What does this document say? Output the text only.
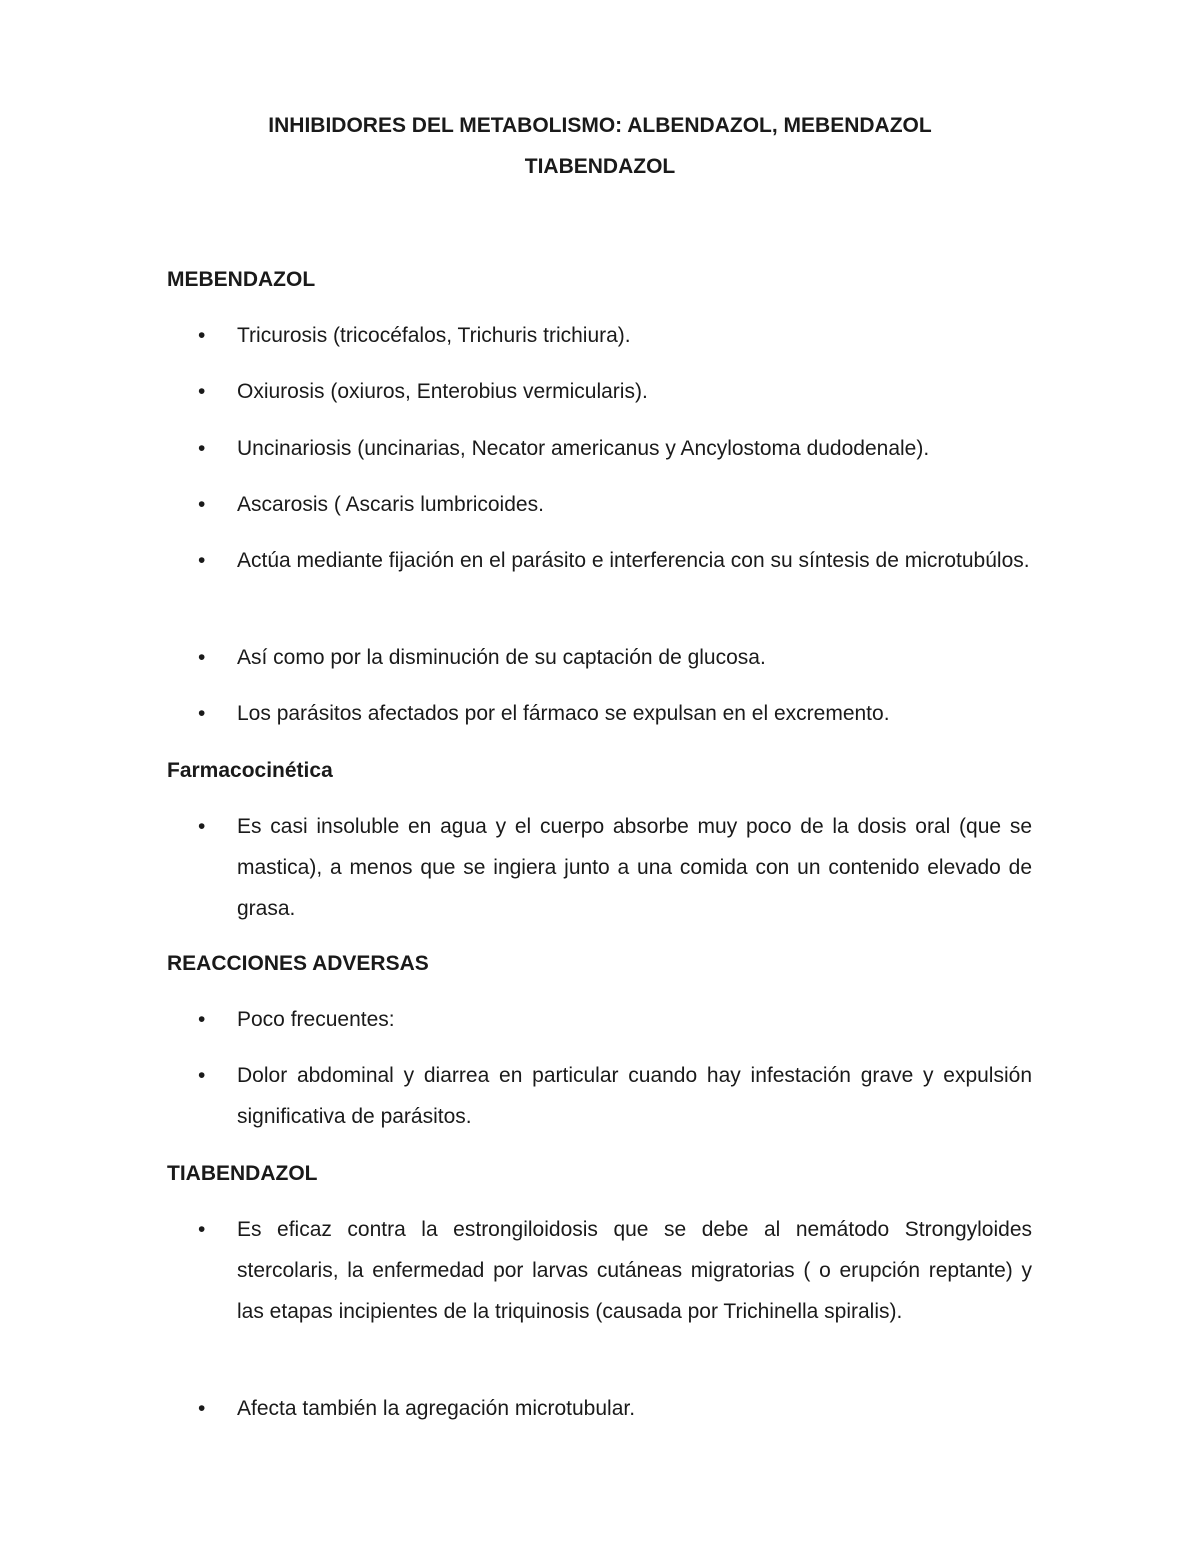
INHIBIDORES DEL METABOLISMO: ALBENDAZOL, MEBENDAZOL

TIABENDAZOL

MEBENDAZOL

•	Tricurosis (tricocéfalos, Trichuris trichiura).

•	Oxiurosis (oxiuros, Enterobius vermicularis).

•	Uncinariosis (uncinarias, Necator americanus y Ancylostoma dudodenale).

•	Ascarosis ( Ascaris lumbricoides.

•	Actúa mediante fijación en el parásito e interferencia con su síntesis de microtubúlos.

•	Así como por la disminución de su captación de glucosa.

•	Los parásitos afectados por el fármaco se expulsan en el excremento.

Farmacocinética

•	Es casi insoluble en agua y el cuerpo absorbe muy poco de la dosis oral (que se mastica), a menos que se ingiera junto a una comida con un contenido elevado de grasa.

REACCIONES ADVERSAS

•	Poco frecuentes:

•	Dolor abdominal y diarrea en particular cuando hay infestación grave y expulsión significativa de parásitos.

TIABENDAZOL

•	Es eficaz contra la estrongiloidosis que se debe al nemátodo Strongyloides stercolaris, la enfermedad por larvas cutáneas migratorias ( o erupción reptante) y las etapas incipientes de la triquinosis (causada por Trichinella spiralis).

•	Afecta también la agregación microtubular.
